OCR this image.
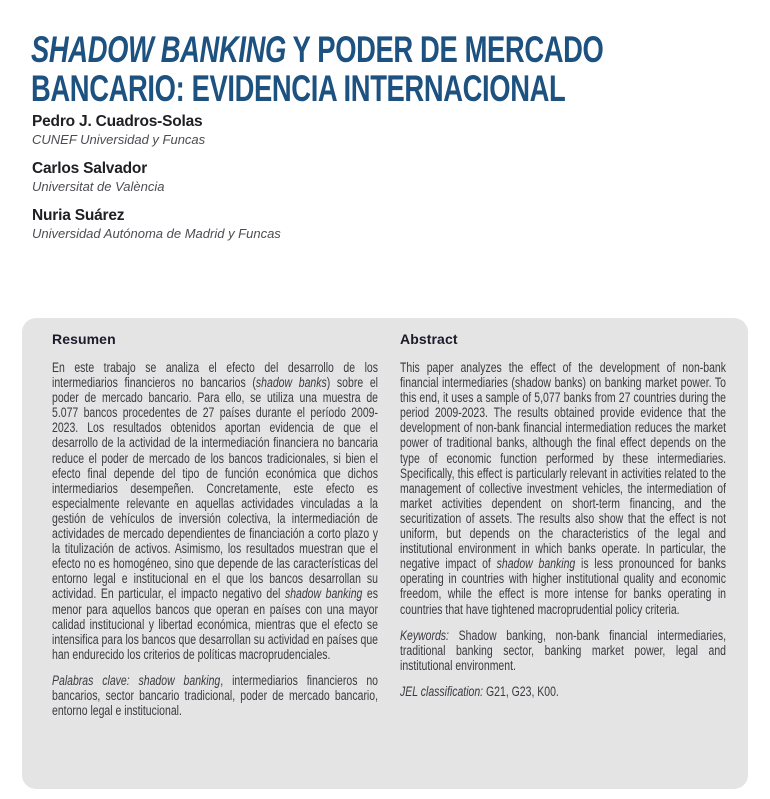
SHADOW BANKING Y PODER DE MERCADO BANCARIO: EVIDENCIA INTERNACIONAL
Pedro J. Cuadros-Solas
CUNEF Universidad y Funcas
Carlos Salvador
Universitat de València
Nuria Suárez
Universidad Autónoma de Madrid y Funcas
Resumen

En este trabajo se analiza el efecto del desarrollo de los intermediarios financieros no bancarios (shadow banks) sobre el poder de mercado bancario. Para ello, se utiliza una muestra de 5.077 bancos procedentes de 27 países durante el período 2009-2023. Los resultados obtenidos aportan evidencia de que el desarrollo de la actividad de la intermediación financiera no bancaria reduce el poder de mercado de los bancos tradicionales, si bien el efecto final depende del tipo de función económica que dichos intermediarios desempeñen. Concretamente, este efecto es especialmente relevante en aquellas actividades vinculadas a la gestión de vehículos de inversión colectiva, la intermediación de actividades de mercado dependientes de financiación a corto plazo y la titulización de activos. Asimismo, los resultados muestran que el efecto no es homogéneo, sino que depende de las características del entorno legal e institucional en el que los bancos desarrollan su actividad. En particular, el impacto negativo del shadow banking es menor para aquellos bancos que operan en países con una mayor calidad institucional y libertad económica, mientras que el efecto se intensifica para los bancos que desarrollan su actividad en países que han endurecido los criterios de políticas macroprudenciales.

Palabras clave: shadow banking, intermediarios financieros no bancarios, sector bancario tradicional, poder de mercado bancario, entorno legal e institucional.

Abstract

This paper analyzes the effect of the development of non-bank financial intermediaries (shadow banks) on banking market power. To this end, it uses a sample of 5,077 banks from 27 countries during the period 2009-2023. The results obtained provide evidence that the development of non-bank financial intermediation reduces the market power of traditional banks, although the final effect depends on the type of economic function performed by these intermediaries. Specifically, this effect is particularly relevant in activities related to the management of collective investment vehicles, the intermediation of market activities dependent on short-term financing, and the securitization of assets. The results also show that the effect is not uniform, but depends on the characteristics of the legal and institutional environment in which banks operate. In particular, the negative impact of shadow banking is less pronounced for banks operating in countries with higher institutional quality and economic freedom, while the effect is more intense for banks operating in countries that have tightened macroprudential policy criteria.

Keywords: Shadow banking, non-bank financial intermediaries, traditional banking sector, banking market power, legal and institutional environment.

JEL classification: G21, G23, K00.
